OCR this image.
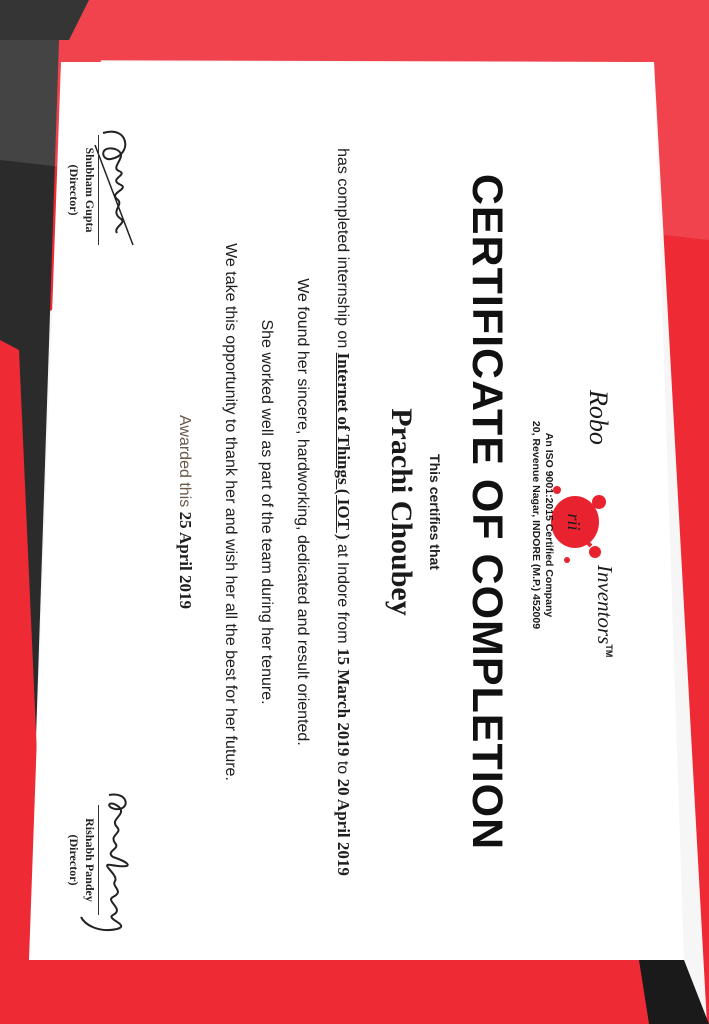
Robo
rii
Inventors™
An ISO 9001:2015 Certified Company
20, Revenue Nagar, INDORE (M.P.) 452009
CERTIFICATE OF COMPLETION
This certifies that
Prachi Choubey
has completed internship on Internet of Things ( IOT ) at Indore from 15 March 2019 to 20 April 2019
We found her sincere, hardworking, dedicated and result oriented.
She worked well as part of the team during her tenure.
We take this opportunity to thank her and wish her all the best for her future.
Awarded this 25 April 2019
Shubham Gupta
(Director)
Rishabh Pandey
(Director)
